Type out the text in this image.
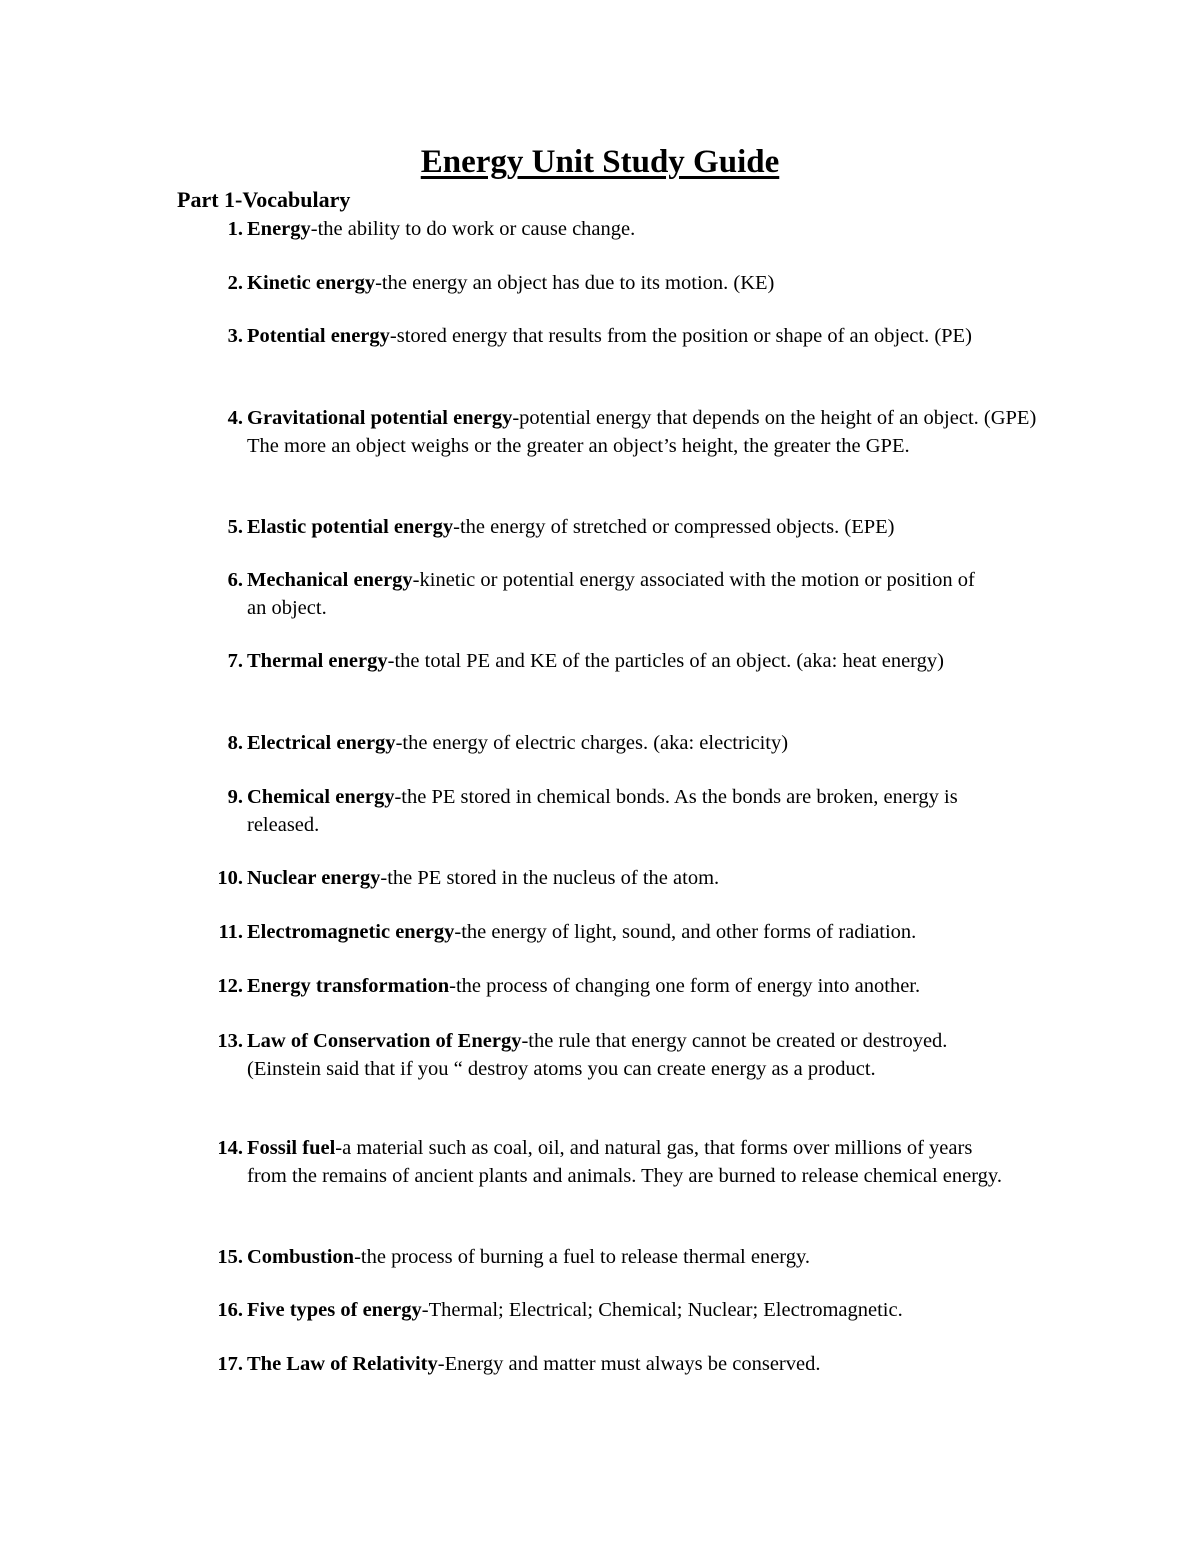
Energy Unit Study Guide
Part 1-Vocabulary
1. Energy-the ability to do work or cause change.
2. Kinetic energy-the energy an object has due to its motion. (KE)
3. Potential energy-stored energy that results from the position or shape of an object. (PE)
4. Gravitational potential energy-potential energy that depends on the height of an object. (GPE) The more an object weighs or the greater an object’s height, the greater the GPE.
5. Elastic potential energy-the energy of stretched or compressed objects. (EPE)
6. Mechanical energy-kinetic or potential energy associated with the motion or position of an object.
7. Thermal energy-the total PE and KE of the particles of an object. (aka: heat energy)
8. Electrical energy-the energy of electric charges. (aka: electricity)
9. Chemical energy-the PE stored in chemical bonds. As the bonds are broken, energy is released.
10. Nuclear energy-the PE stored in the nucleus of the atom.
11. Electromagnetic energy-the energy of light, sound, and other forms of radiation.
12. Energy transformation-the process of changing one form of energy into another.
13. Law of Conservation of Energy-the rule that energy cannot be created or destroyed. (Einstein said that if you “ destroy atoms you can create energy as a product.
14. Fossil fuel-a material such as coal, oil, and natural gas, that forms over millions of years from the remains of ancient plants and animals. They are burned to release chemical energy.
15. Combustion-the process of burning a fuel to release thermal energy.
16. Five types of energy-Thermal; Electrical; Chemical; Nuclear; Electromagnetic.
17. The Law of Relativity-Energy and matter must always be conserved.
